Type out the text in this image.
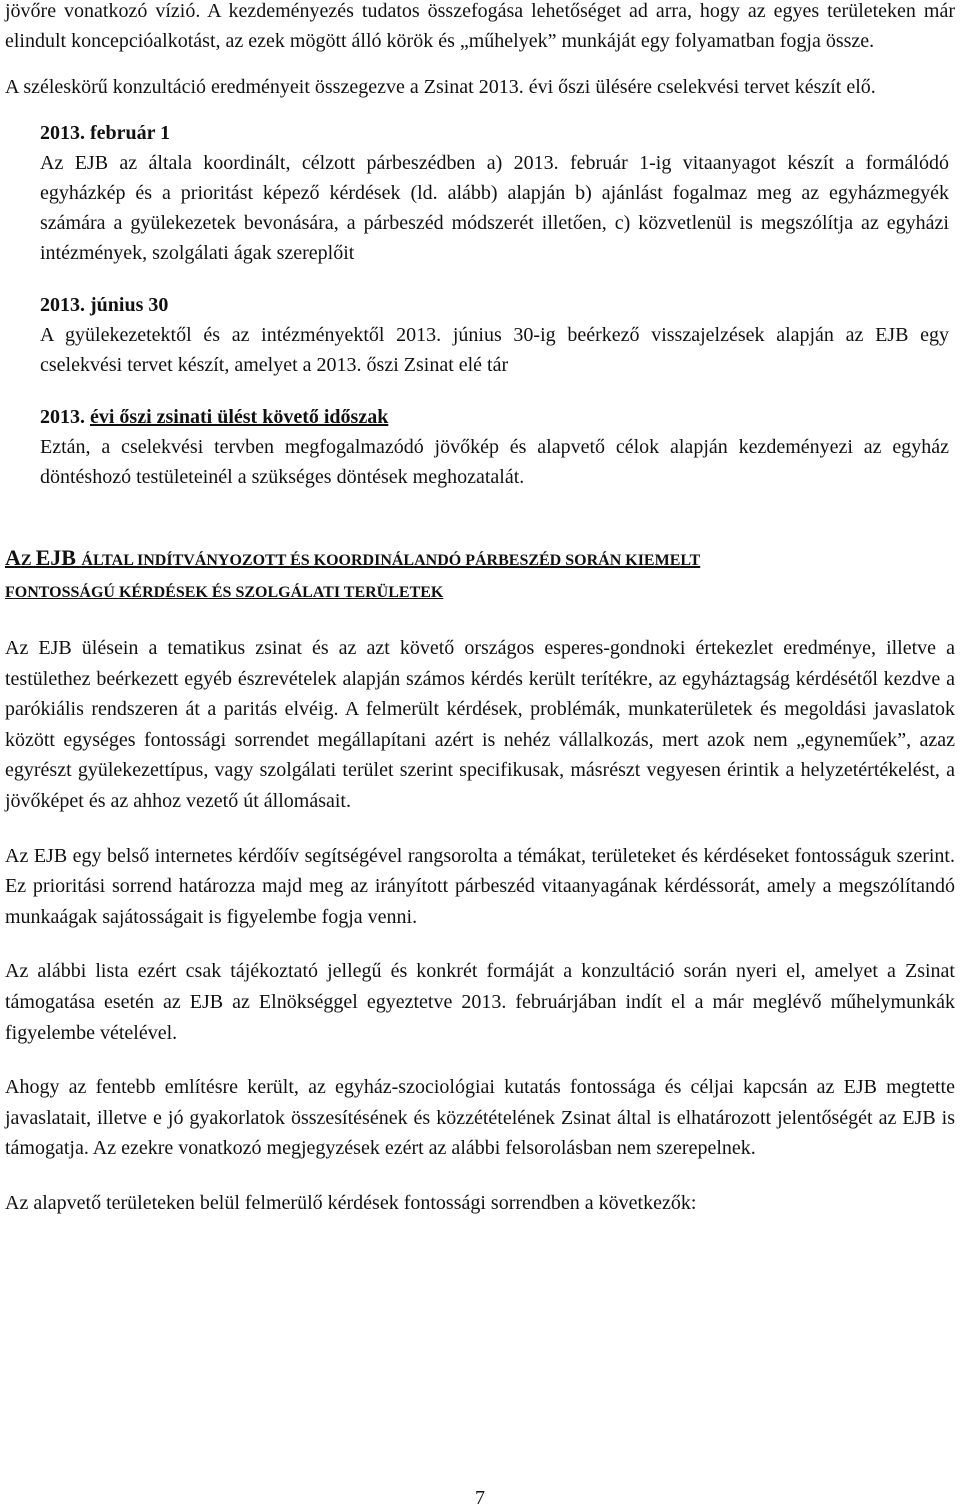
jövőre vonatkozó vízió. A kezdeményezés tudatos összefogása lehetőséget ad arra, hogy az egyes területeken már elindult koncepcióalkotást, az ezek mögött álló körök és „műhelyek” munkáját egy folyamatban fogja össze.

A széleskörű konzultáció eredményeit összegezve a Zsinat 2013. évi őszi ülésére cselekvési tervet készít elő.

2013. február 1

Az EJB az általa koordinált, célzott párbeszédben a) 2013. február 1-ig vitaanyagot készít a formálódó egyházkép és a prioritást képező kérdések (ld. alább) alapján b) ajánlást fogalmaz meg az egyházmegyék számára a gyülekezetek bevonására, a párbeszéd módszerét illetően, c) közvetlenül is megszólítja az egyházi intézmények, szolgálati ágak szereplőit

2013. június 30

A gyülekezetektől és az intézményektől 2013. június 30-ig beérkező visszajelzések alapján az EJB egy cselekvési tervet készít, amelyet a 2013. őszi Zsinat elé tár

2013. évi őszi zsinati ülést követő időszak

Eztán, a cselekvési tervben megfogalmazódó jövőkép és alapvető célok alapján kezdeményezi az egyház döntéshozó testületeinél a szükséges döntések meghozatalát.

AZ EJB ÁLTAL INDÍTVÁNYOZOTT ÉS KOORDINÁLANDÓ PÁRBESZÉD SORÁN KIEMELT

FONTOSSÁGÚ KÉRDÉSEK ÉS SZOLGÁLATI TERÜLETEK

Az EJB ülésein a tematikus zsinat és az azt követő országos esperes-gondnoki értekezlet eredménye, illetve a testülethez beérkezett egyéb észrevételek alapján számos kérdés került terítékre, az egyháztagság kérdésétől kezdve a parókiális rendszeren át a paritás elvéig. A felmerült kérdések, problémák, munkaterületek és megoldási javaslatok között egységes fontossági sorrendet megállapítani azért is nehéz vállalkozás, mert azok nem „egyneműek”, azaz egyrészt gyülekezettípus, vagy szolgálati terület szerint specifikusak, másrészt vegyesen érintik a helyzetértékelést, a jövőképet és az ahhoz vezető út állomásait.

Az EJB egy belső internetes kérdőív segítségével rangsorolta a témákat, területeket és kérdéseket fontosságuk szerint. Ez prioritási sorrend határozza majd meg az irányított párbeszéd vitaanyagának kérdéssorát, amely a megszólítandó munkaágak sajátosságait is figyelembe fogja venni.

Az alábbi lista ezért csak tájékoztató jellegű és konkrét formáját a konzultáció során nyeri el, amelyet a Zsinat támogatása esetén az EJB az Elnökséggel egyeztetve 2013. februárjában indít el a már meglévő műhelymunkák figyelembe vételével.

Ahogy az fentebb említésre került, az egyház-szociológiai kutatás fontossága és céljai kapcsán az EJB megtette javaslatait, illetve e jó gyakorlatok összesítésének és közzétételének Zsinat által is elhatározott jelentőségét az EJB is támogatja. Az ezekre vonatkozó megjegyzések ezért az alábbi felsorolásban nem szerepelnek.

Az alapvető területeken belül felmerülő kérdések fontossági sorrendben a következők:

7
